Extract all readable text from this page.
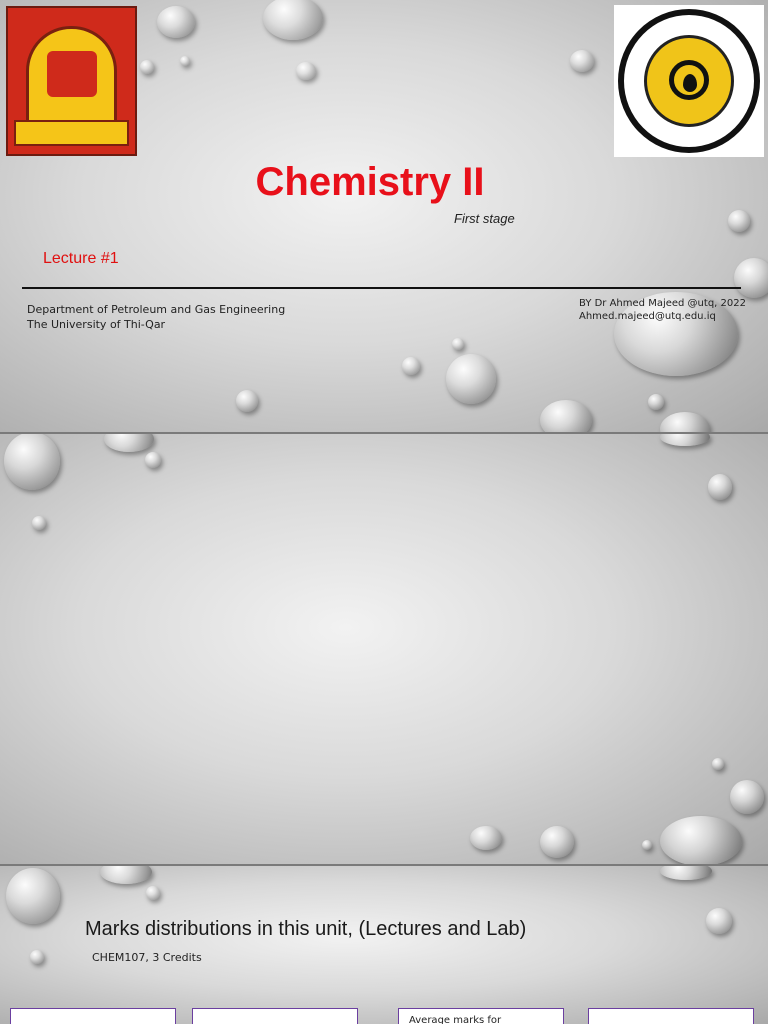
Chemistry II
First stage
Lecture #1
Department of Petroleum and Gas Engineering
The University of Thi-Qar
BY Dr Ahmed Majeed @utq, 2022
Ahmed.majeed@utq.edu.iq
Marks distributions in this unit, (Lectures and Lab)
CHEM107, 3 Credits
Average marks for
